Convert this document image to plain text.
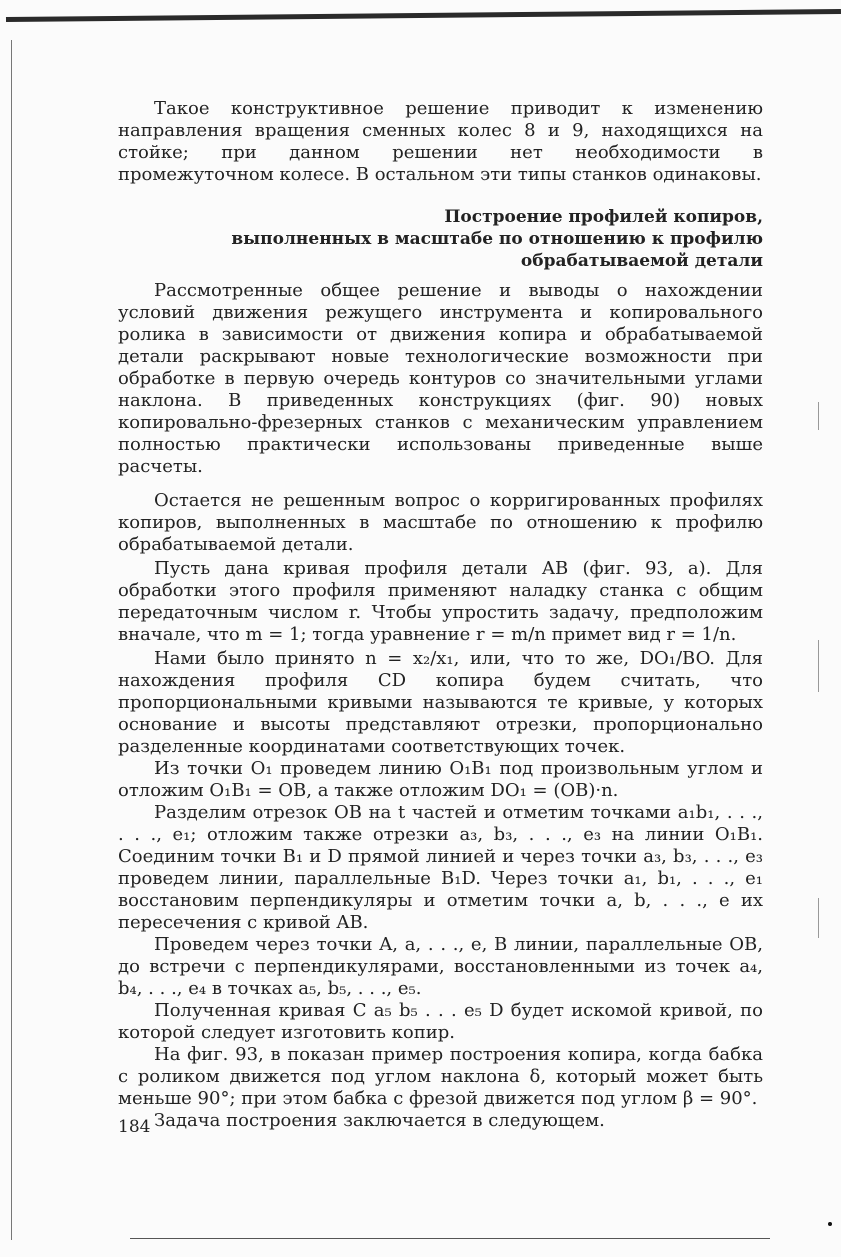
Такое конструктивное решение приводит к изменению направления вращения сменных колес 8 и 9, находящихся на стойке; при данном решении нет необходимости в промежуточном колесе. В остальном эти типы станков одинаковы.

Построение профилей копиров,
выполненных в масштабе по отношению к профилю
обрабатываемой детали

Рассмотренные общее решение и выводы о нахождении условий движения режущего инструмента и копировального ролика в зависимости от движения копира и обрабатываемой детали раскрывают новые технологические возможности при обработке в первую очередь контуров со значительными углами наклона. В приведенных конструкциях (фиг. 90) новых копировально-фрезерных станков с механическим управлением полностью практически использованы приведенные выше расчеты.

Остается не решенным вопрос о корригированных профилях копиров, выполненных в масштабе по отношению к профилю обрабатываемой детали.

Пусть дана кривая профиля детали AB (фиг. 93, а). Для обработки этого профиля применяют наладку станка с общим передаточным числом r. Чтобы упростить задачу, предположим вначале, что m = 1; тогда уравнение r = m/n примет вид r = 1/n.

Нами было принято n = x₂/x₁, или, что то же, DO₁/BO. Для нахождения профиля CD копира будем считать, что пропорциональными кривыми называются те кривые, у которых основание и высоты представляют отрезки, пропорционально разделенные координатами соответствующих точек.

Из точки O₁ проведем линию O₁B₁ под произвольным углом и отложим O₁B₁ = OB, а также отложим DO₁ = (OB)·n.

Разделим отрезок OB на t частей и отметим точками a₁b₁, . . ., . . ., e₁; отложим также отрезки a₃, b₃, . . ., e₃ на линии O₁B₁. Соединим точки B₁ и D прямой линией и через точки a₃, b₃, . . ., e₃ проведем линии, параллельные B₁D. Через точки a₁, b₁, . . ., e₁ восстановим перпендикуляры и отметим точки a, b, . . ., e их пересечения с кривой AB.

Проведем через точки A, a, . . ., e, B линии, параллельные OB, до встречи с перпендикулярами, восстановленными из точек a₄, b₄, . . ., e₄ в точках a₅, b₅, . . ., e₅.

Полученная кривая C a₅ b₅ . . . e₅ D будет искомой кривой, по которой следует изготовить копир.

На фиг. 93, в показан пример построения копира, когда бабка с роликом движется под углом наклона δ, который может быть меньше 90°; при этом бабка с фрезой движется под углом β = 90°.

Задача построения заключается в следующем.

184
